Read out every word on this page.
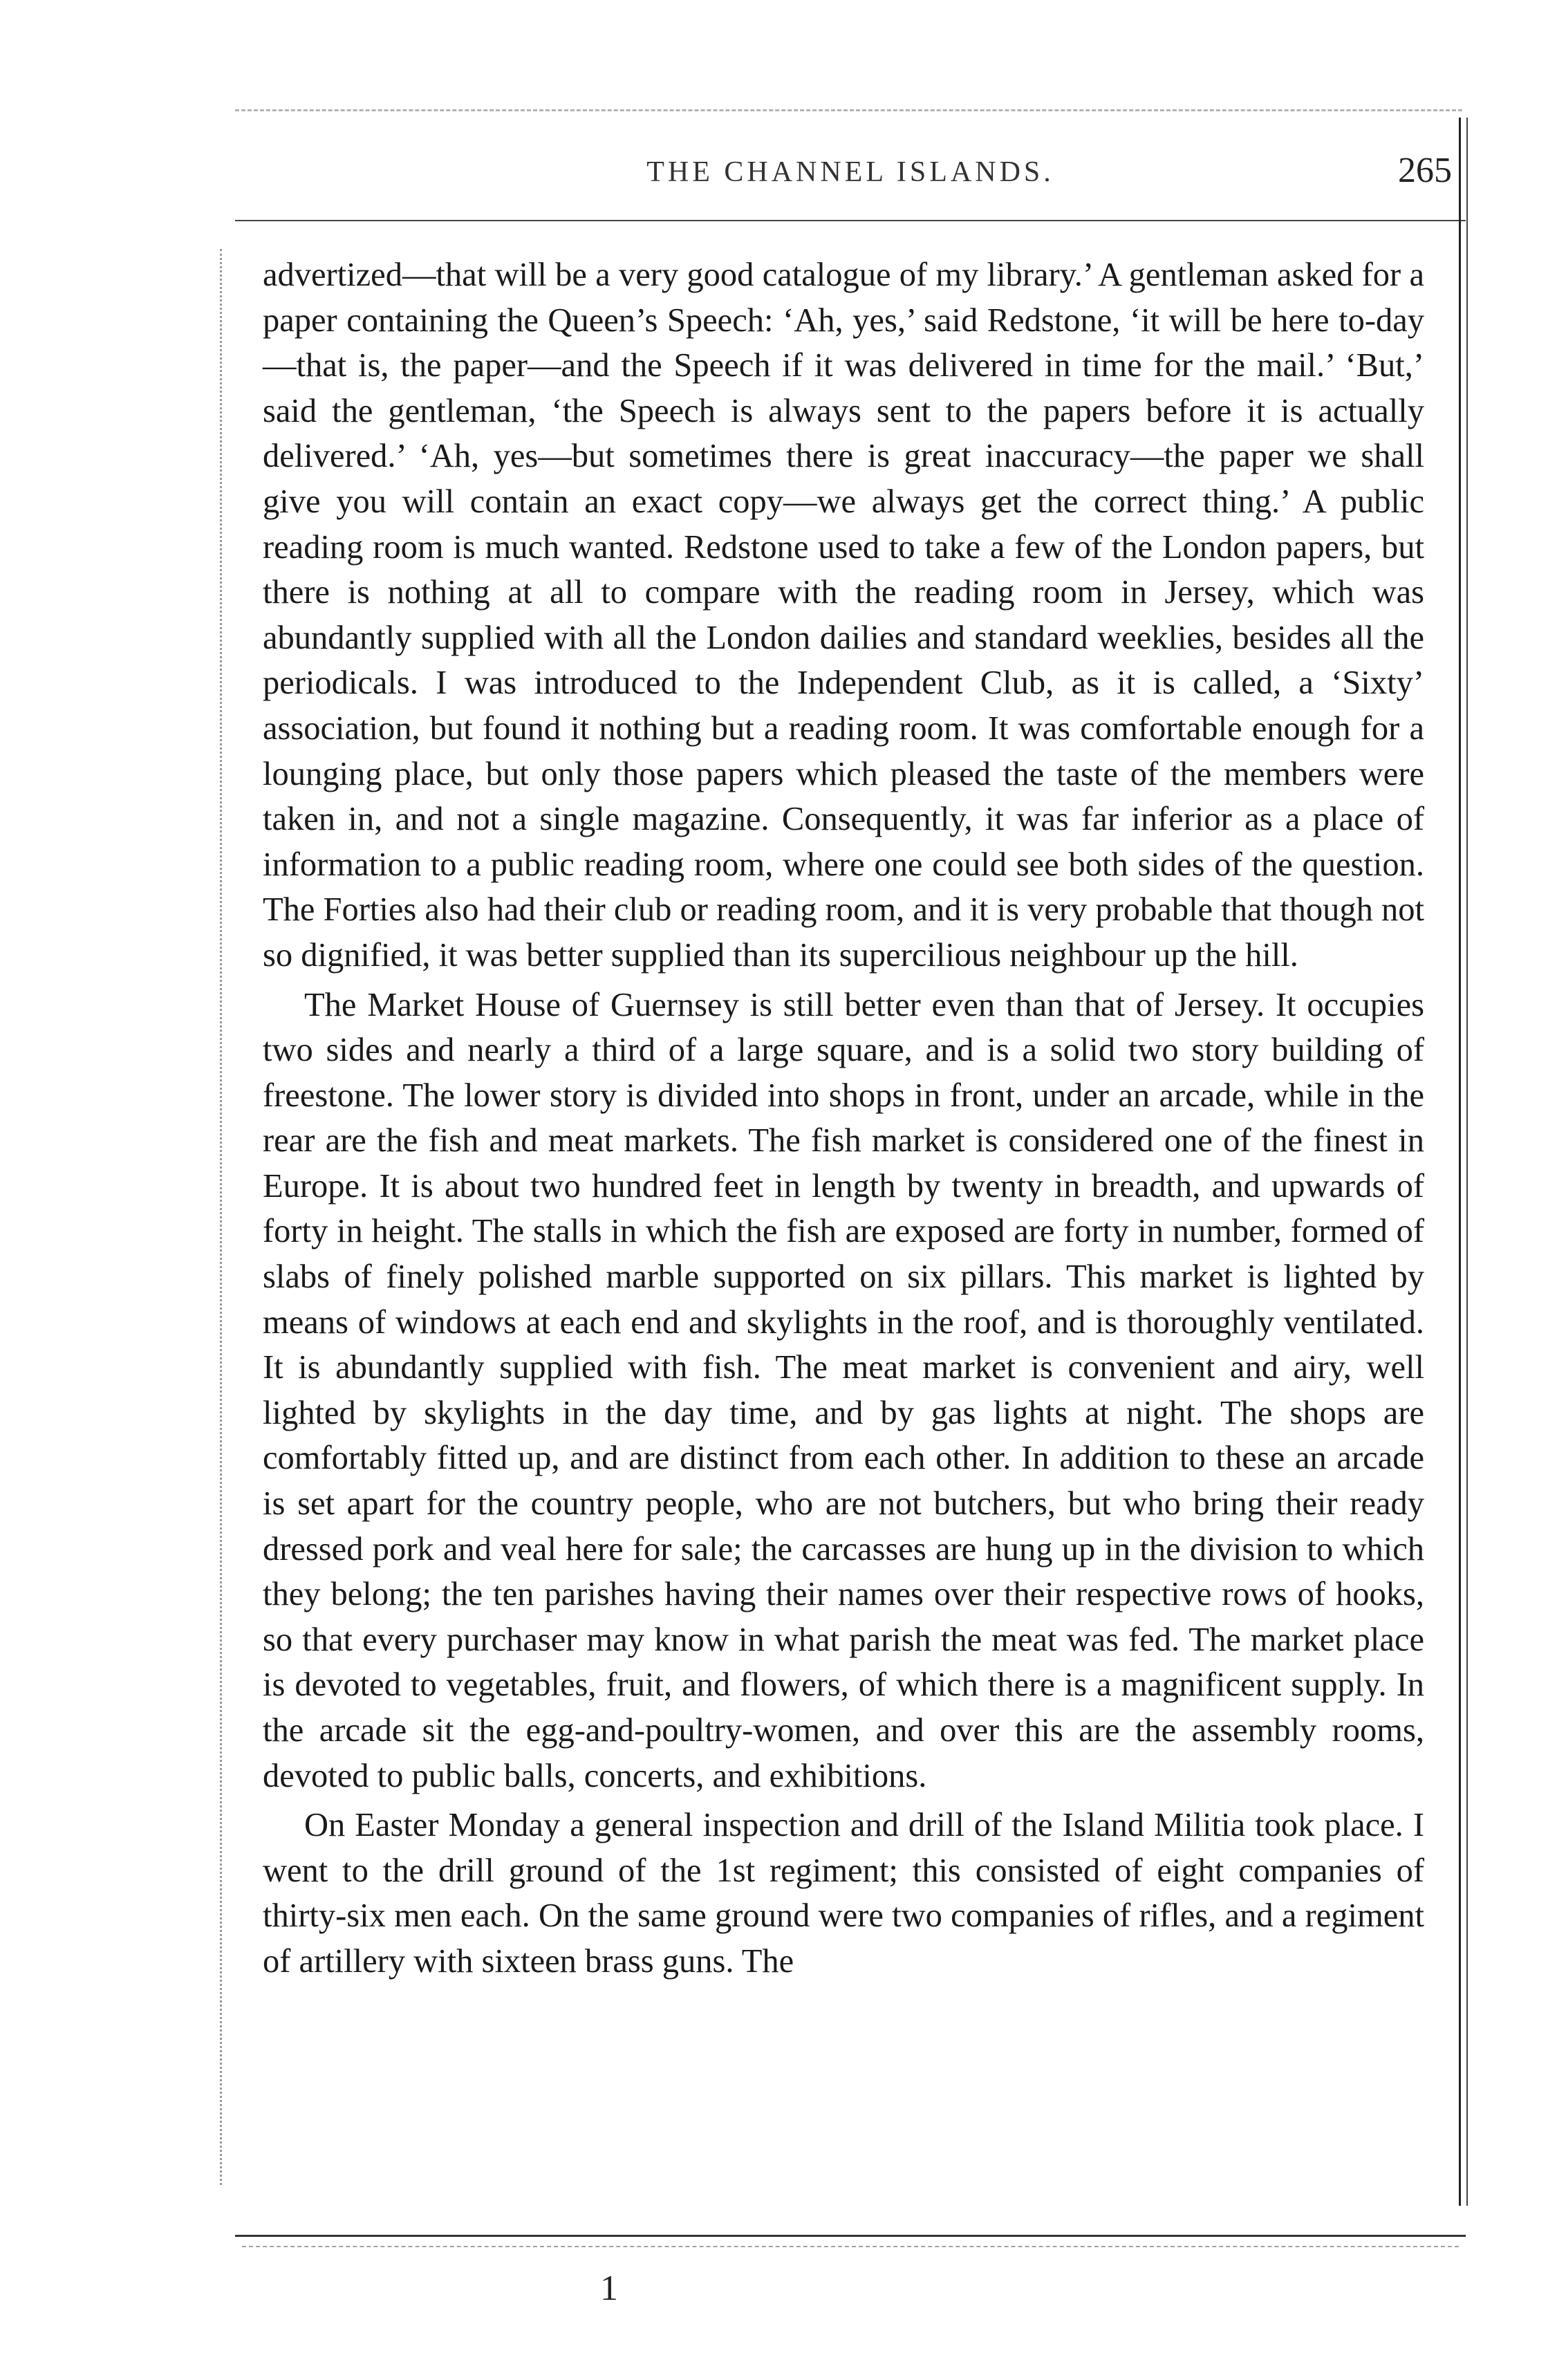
THE CHANNEL ISLANDS.	265

advertized—that will be a very good catalogue of my library.’ A gentleman asked for a paper containing the Queen’s Speech: ‘Ah, yes,’ said Redstone, ‘it will be here to-day—that is, the paper—and the Speech if it was delivered in time for the mail.’ ‘But,’ said the gentleman, ‘the Speech is always sent to the papers before it is actually delivered.’ ‘Ah, yes—but sometimes there is great inaccuracy—the paper we shall give you will contain an exact copy—we always get the correct thing.’ A public reading room is much wanted. Redstone used to take a few of the London papers, but there is nothing at all to compare with the reading room in Jersey, which was abundantly supplied with all the London dailies and standard weeklies, besides all the periodicals. I was introduced to the Independent Club, as it is called, a ‘Sixty’ association, but found it nothing but a reading room. It was comfortable enough for a lounging place, but only those papers which pleased the taste of the members were taken in, and not a single magazine. Consequently, it was far inferior as a place of information to a public reading room, where one could see both sides of the question. The Forties also had their club or reading room, and it is very probable that though not so dignified, it was better supplied than its supercilious neighbour up the hill.

The Market House of Guernsey is still better even than that of Jersey. It occupies two sides and nearly a third of a large square, and is a solid two story building of freestone. The lower story is divided into shops in front, under an arcade, while in the rear are the fish and meat markets. The fish market is considered one of the finest in Europe. It is about two hundred feet in length by twenty in breadth, and upwards of forty in height. The stalls in which the fish are exposed are forty in number, formed of slabs of finely polished marble supported on six pillars. This market is lighted by means of windows at each end and skylights in the roof, and is thoroughly ventilated. It is abundantly supplied with fish. The meat market is convenient and airy, well lighted by skylights in the day time, and by gas lights at night. The shops are comfortably fitted up, and are distinct from each other. In addition to these an arcade is set apart for the country people, who are not butchers, but who bring their ready dressed pork and veal here for sale; the carcasses are hung up in the division to which they belong; the ten parishes having their names over their respective rows of hooks, so that every purchaser may know in what parish the meat was fed. The market place is devoted to vegetables, fruit, and flowers, of which there is a magnificent supply. In the arcade sit the egg-and-poultry-women, and over this are the assembly rooms, devoted to public balls, concerts, and exhibitions.

On Easter Monday a general inspection and drill of the Island Militia took place. I went to the drill ground of the 1st regiment; this consisted of eight companies of thirty-six men each. On the same ground were two companies of rifles, and a regiment of artillery with sixteen brass guns. The

1
